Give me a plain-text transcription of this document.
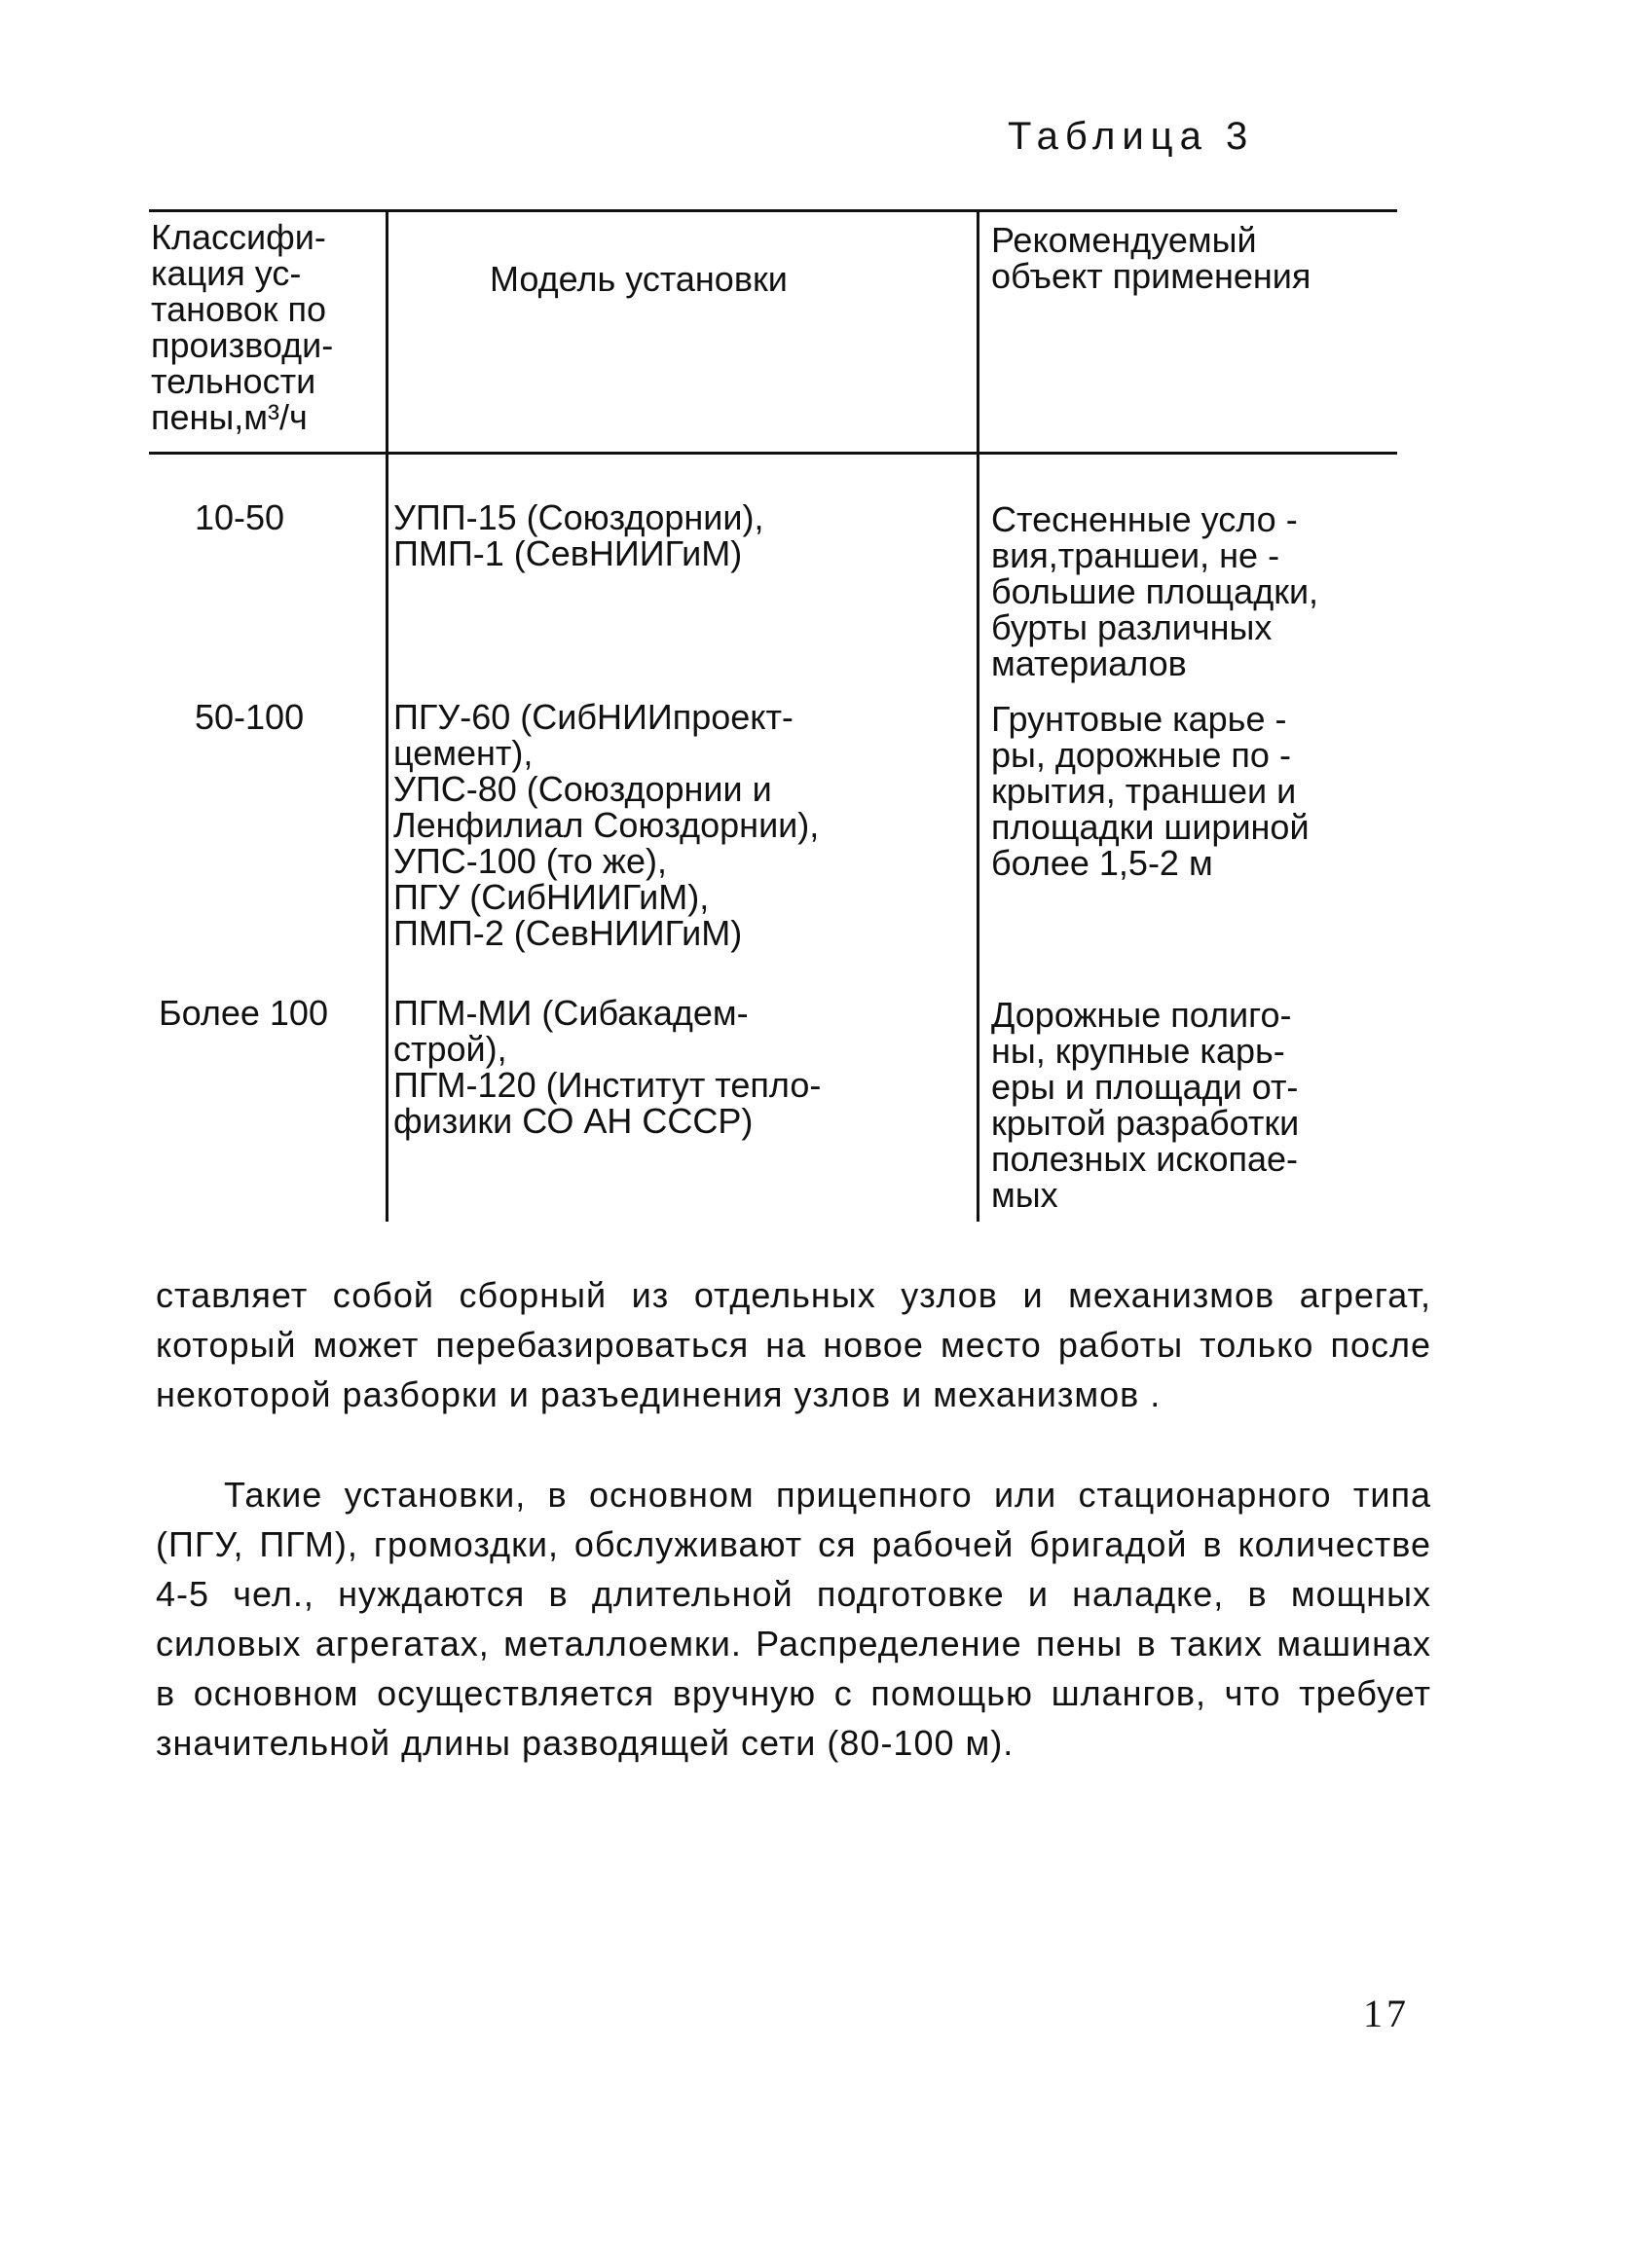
Таблица 3
Классифи-
кация ус-
тановок по
производи-
тельности
пены,м³/ч
Модель установки
Рекомендуемый
объект применения
10-50	УПП-15 (Союздорнии),
ПМП-1 (СевНИИГиМ)
Стесненные усло -
вия,траншеи, не -
большие площадки,
бурты различных
материалов
50-100	ПГУ-60 (СибНИИпроект-
цемент),
УПС-80 (Союздорнии и
Ленфилиал Союздорнии),
УПС-100 (то же),
ПГУ (СибНИИГиМ),
ПМП-2 (СевНИИГиМ)
Грунтовые карье -
ры, дорожные по -
крытия, траншеи и
площадки шириной
более 1,5-2 м
Более 100 ПГМ-МИ (Сибакадем-
строй),
ПГМ-120 (Институт тепло-
физики СО АН СССР)
Дорожные полиго-
ны, крупные карь-
еры и площади от-
крытой разработки
полезных ископае-
мых
ставляет собой сборный из отдельных узлов и механизмов агрегат, который может перебазироваться на новое место работы только после некоторой разборки и разъединения узлов и механизмов .
Такие установки, в основном прицепного или стационарного типа (ПГУ, ПГМ), громоздки, обслуживают ся рабочей бригадой в количестве 4-5 чел., нуждаются в длительной подготовке и наладке, в мощных силовых агрегатах, металлоемки. Распределение пены в таких машинах в основном осуществляется вручную с помощью шлангов, что требует значительной длины разводящей сети (80-100 м).
17
